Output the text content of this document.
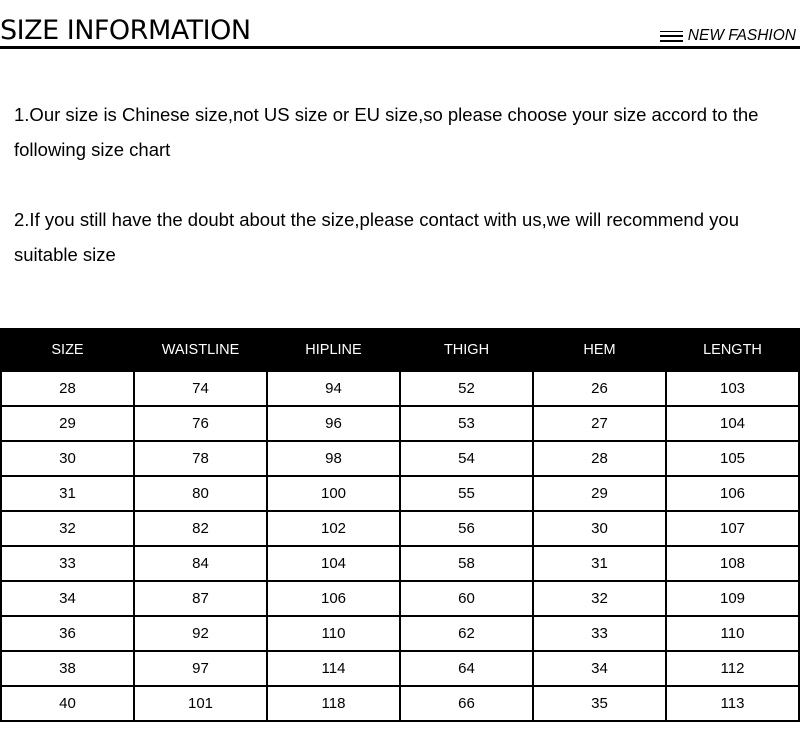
SIZE INFORMATION	NEW FASHION
1.Our size is Chinese size,not US size or EU size,so please choose your size accord to the following size chart
2.If you still have the doubt about the size,please contact with us,we will recommend you suitable size
SIZE	WAISTLINE	HIPLINE	THIGH	HEM	LENGTH
28	74	94	52	26	103
29	76	96	53	27	104
30	78	98	54	28	105
31	80	100	55	29	106
32	82	102	56	30	107
33	84	104	58	31	108
34	87	106	60	32	109
36	92	110	62	33	110
38	97	114	64	34	112
40	101	118	66	35	113
